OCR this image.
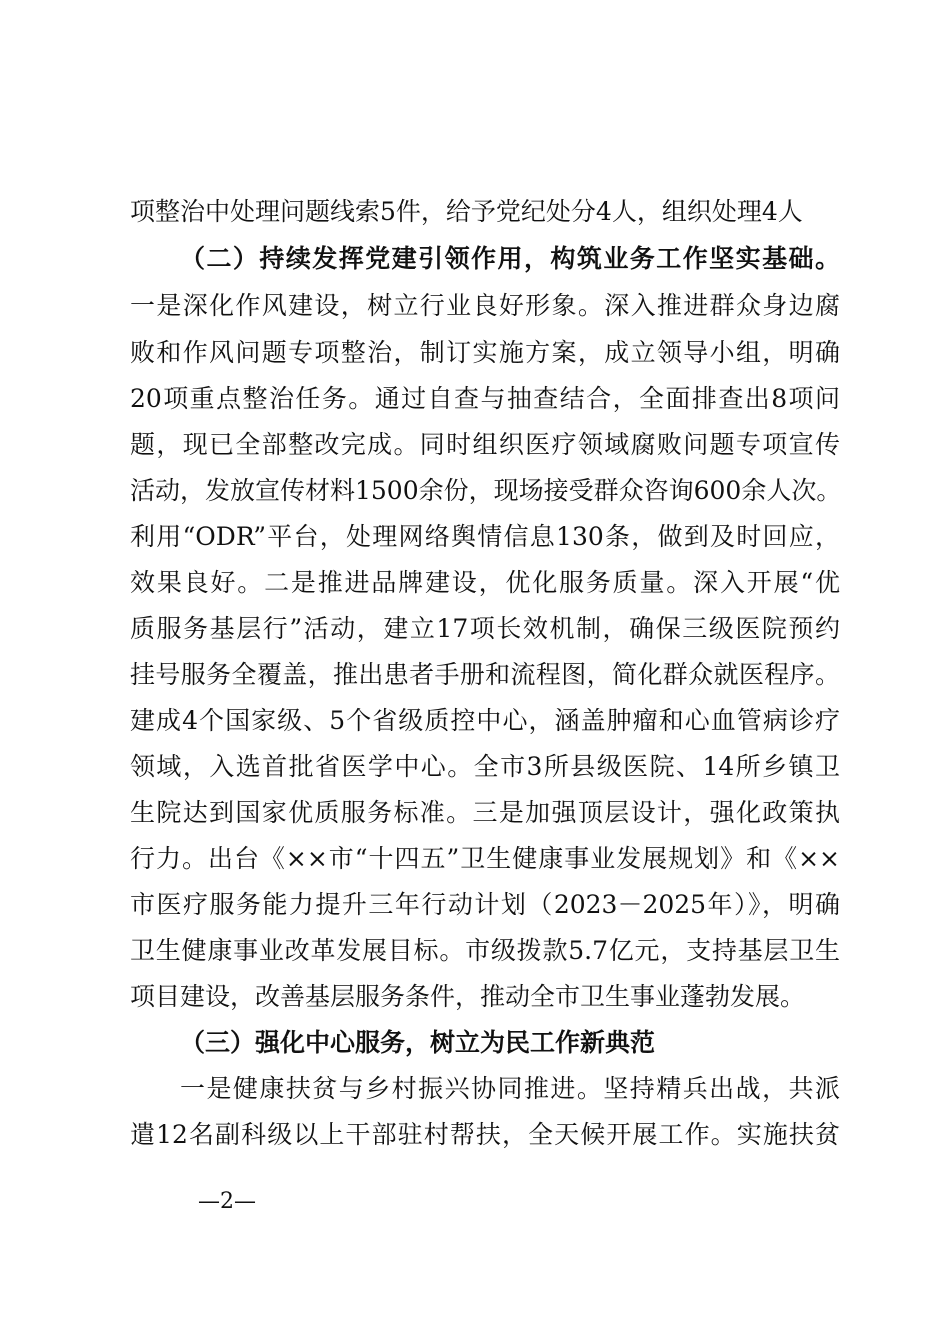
项整治中处理问题线索5件，给予党纪处分4人，组织处理4人
（二）持续发挥党建引领作用，构筑业务工作坚实基础。
一是深化作风建设，树立行业良好形象。深入推进群众身边腐
败和作风问题专项整治，制订实施方案，成立领导小组，明确
20项重点整治任务。通过自查与抽查结合，全面排查出8项问
题，现已全部整改完成。同时组织医疗领域腐败问题专项宣传
活动，发放宣传材料1500余份，现场接受群众咨询600余人次。
利用“ODR”平台，处理网络舆情信息130条，做到及时回应，
效果良好。二是推进品牌建设，优化服务质量。深入开展“优
质服务基层行”活动，建立17项长效机制，确保三级医院预约
挂号服务全覆盖，推出患者手册和流程图，简化群众就医程序。
建成4个国家级、5个省级质控中心，涵盖肿瘤和心血管病诊疗
领域，入选首批省医学中心。全市3所县级医院、14所乡镇卫
生院达到国家优质服务标准。三是加强顶层设计，强化政策执
行力。出台《××市“十四五”卫生健康事业发展规划》和《××
市医疗服务能力提升三年行动计划（2023－2025年）》，明确
卫生健康事业改革发展目标。市级拨款5.7亿元，支持基层卫生
项目建设，改善基层服务条件，推动全市卫生事业蓬勃发展。
（三）强化中心服务，树立为民工作新典范
一是健康扶贫与乡村振兴协同推进。坚持精兵出战，共派
遣12名副科级以上干部驻村帮扶，全天候开展工作。实施扶贫
—2—
